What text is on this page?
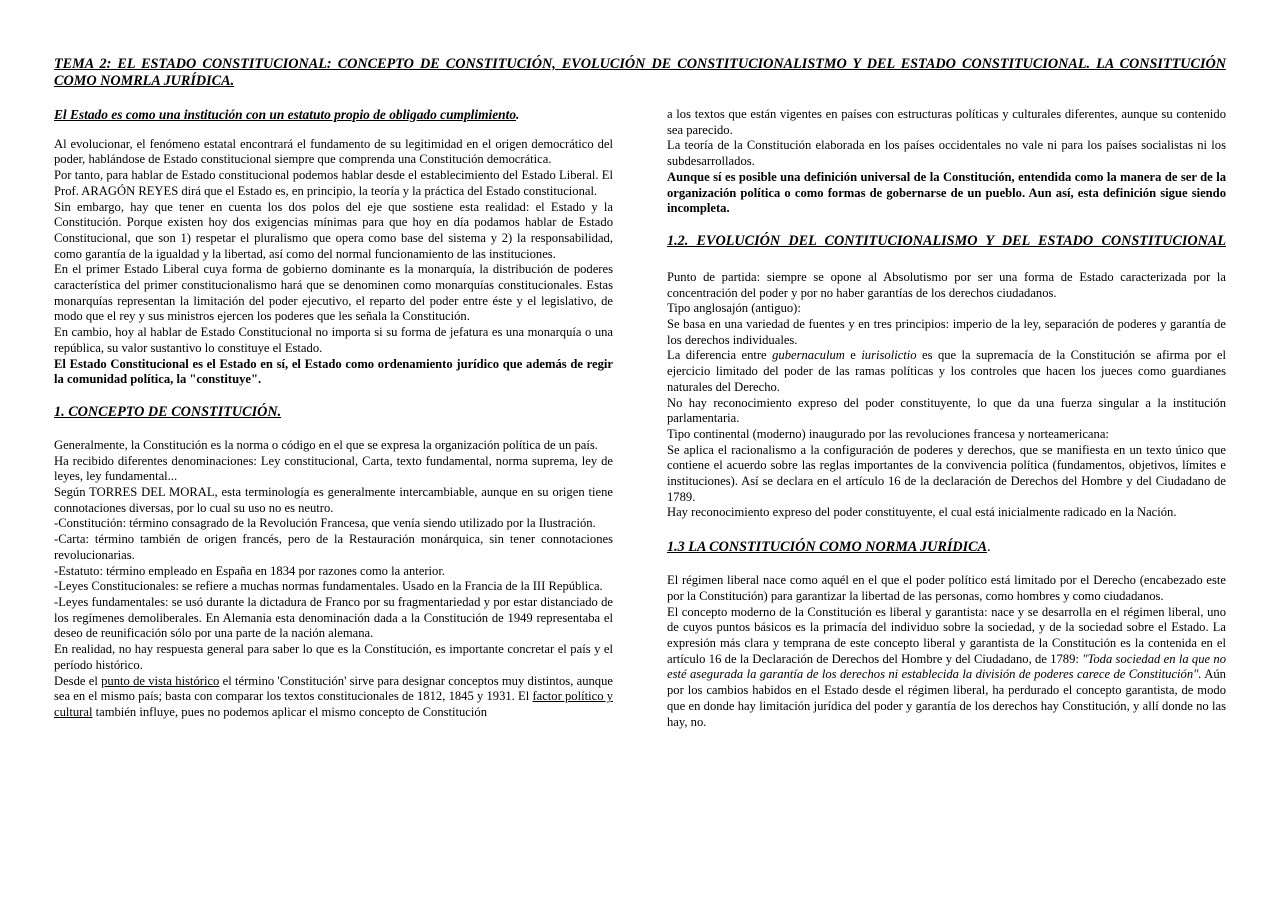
TEMA 2: EL ESTADO CONSTITUCIONAL: CONCEPTO DE CONSTITUCIÓN, EVOLUCIÓN DE CONSTITUCIONALISTMO Y DEL ESTADO CONSTITUCIONAL. LA CONSITTUCIÓN COMO NOMRLA JURÍDICA.

El Estado es como una institución con un estatuto propio de obligado cumplimiento.

Al evolucionar, el fenómeno estatal encontrará el fundamento de su legitimidad en el origen democrático del poder, hablándose de Estado constitucional siempre que comprenda una Constitución democrática.

Por tanto, para hablar de Estado constitucional podemos hablar desde el establecimiento del Estado Liberal. El Prof. ARAGÓN REYES dirá que el Estado es, en principio, la teoría y la práctica del Estado constitucional.

Sin embargo, hay que tener en cuenta los dos polos del eje que sostiene esta realidad: el Estado y la Constitución. Porque existen hoy dos exigencias mínimas para que hoy en día podamos hablar de Estado Constitucional, que son 1) respetar el pluralismo que opera como base del sistema y 2) la responsabilidad, como garantía de la igualdad y la libertad, así como del normal funcionamiento de las instituciones.

En el primer Estado Liberal cuya forma de gobierno dominante es la monarquía, la distribución de poderes característica del primer constitucionalismo hará que se denominen como monarquías constitucionales. Estas monarquías representan la limitación del poder ejecutivo, el reparto del poder entre éste y el legislativo, de modo que el rey y sus ministros ejercen los poderes que les señala la Constitución.

En cambio, hoy al hablar de Estado Constitucional no importa si su forma de jefatura es una monarquía o una república, su valor sustantivo lo constituye el Estado.

El Estado Constitucional es el Estado en sí, el Estado como ordenamiento jurídico que además de regir la comunidad política, la "constituye".

1. CONCEPTO DE CONSTITUCIÓN.

Generalmente, la Constitución es la norma o código en el que se expresa la organización política de un país.

Ha recibido diferentes denominaciones: Ley constitucional, Carta, texto fundamental, norma suprema, ley de leyes, ley fundamental...

Según TORRES DEL MORAL, esta terminología es generalmente intercambiable, aunque en su origen tiene connotaciones diversas, por lo cual su uso no es neutro.

-Constitución: término consagrado de la Revolución Francesa, que venía siendo utilizado por la Ilustración.

-Carta: término también de origen francés, pero de la Restauración monárquica, sin tener connotaciones revolucionarias.

-Estatuto: término empleado en España en 1834 por razones como la anterior.

-Leyes Constitucionales: se refiere a muchas normas fundamentales. Usado en la Francia de la III República.

-Leyes fundamentales: se usó durante la dictadura de Franco por su fragmentariedad y por estar distanciado de los regímenes demoliberales. En Alemania esta denominación dada a la Constitución de 1949 representaba el deseo de reunificación sólo por una parte de la nación alemana.

En realidad, no hay respuesta general para saber lo que es la Constitución, es importante concretar el país y el período histórico.

Desde el punto de vista histórico el término 'Constitución' sirve para designar conceptos muy distintos, aunque sea en el mismo país; basta con comparar los textos constitucionales de 1812, 1845 y 1931. El factor político y cultural también influye, pues no podemos aplicar el mismo concepto de Constitución

a los textos que están vigentes en países con estructuras políticas y culturales diferentes, aunque su contenido sea parecido.

La teoría de la Constitución elaborada en los países occidentales no vale ni para los países socialistas ni los subdesarrollados.

Aunque sí es posible una definición universal de la Constitución, entendida como la manera de ser de la organización política o como formas de gobernarse de un pueblo. Aun así, esta definición sigue siendo incompleta.

1.2. EVOLUCIÓN DEL CONTITUCIONALISMO Y DEL ESTADO CONSTITUCIONAL

Punto de partida: siempre se opone al Absolutismo por ser una forma de Estado caracterizada por la concentración del poder y por no haber garantías de los derechos ciudadanos.

Tipo anglosajón (antiguo):

Se basa en una variedad de fuentes y en tres principios: imperio de la ley, separación de poderes y garantía de los derechos individuales.

La diferencia entre gubernaculum e iurisolictio es que la supremacía de la Constitución se afirma por el ejercicio limitado del poder de las ramas políticas y los controles que hacen los jueces como guardianes naturales del Derecho.

No hay reconocimiento expreso del poder constituyente, lo que da una fuerza singular a la institución parlamentaria.

Tipo continental (moderno) inaugurado por las revoluciones francesa y norteamericana:

Se aplica el racionalismo a la configuración de poderes y derechos, que se manifiesta en un texto único que contiene el acuerdo sobre las reglas importantes de la convivencia política (fundamentos, objetivos, límites e instituciones). Así se declara en el artículo 16 de la declaración de Derechos del Hombre y del Ciudadano de 1789.

Hay reconocimiento expreso del poder constituyente, el cual está inicialmente radicado en la Nación.

1.3 LA CONSTITUCIÓN COMO NORMA JURÍDICA.

El régimen liberal nace como aquél en el que el poder político está limitado por el Derecho (encabezado este por la Constitución) para garantizar la libertad de las personas, como hombres y como ciudadanos.

El concepto moderno de la Constitución es liberal y garantista: nace y se desarrolla en el régimen liberal, uno de cuyos puntos básicos es la primacía del individuo sobre la sociedad, y de la sociedad sobre el Estado. La expresión más clara y temprana de este concepto liberal y garantista de la Constitución es la contenida en el artículo 16 de la Declaración de Derechos del Hombre y del Ciudadano, de 1789: "Toda sociedad en la que no esté asegurada la garantía de los derechos ni establecida la división de poderes carece de Constitución". Aún por los cambios habidos en el Estado desde el régimen liberal, ha perdurado el concepto garantista, de modo que en donde hay limitación jurídica del poder y garantía de los derechos hay Constitución, y allí donde no las hay, no.
